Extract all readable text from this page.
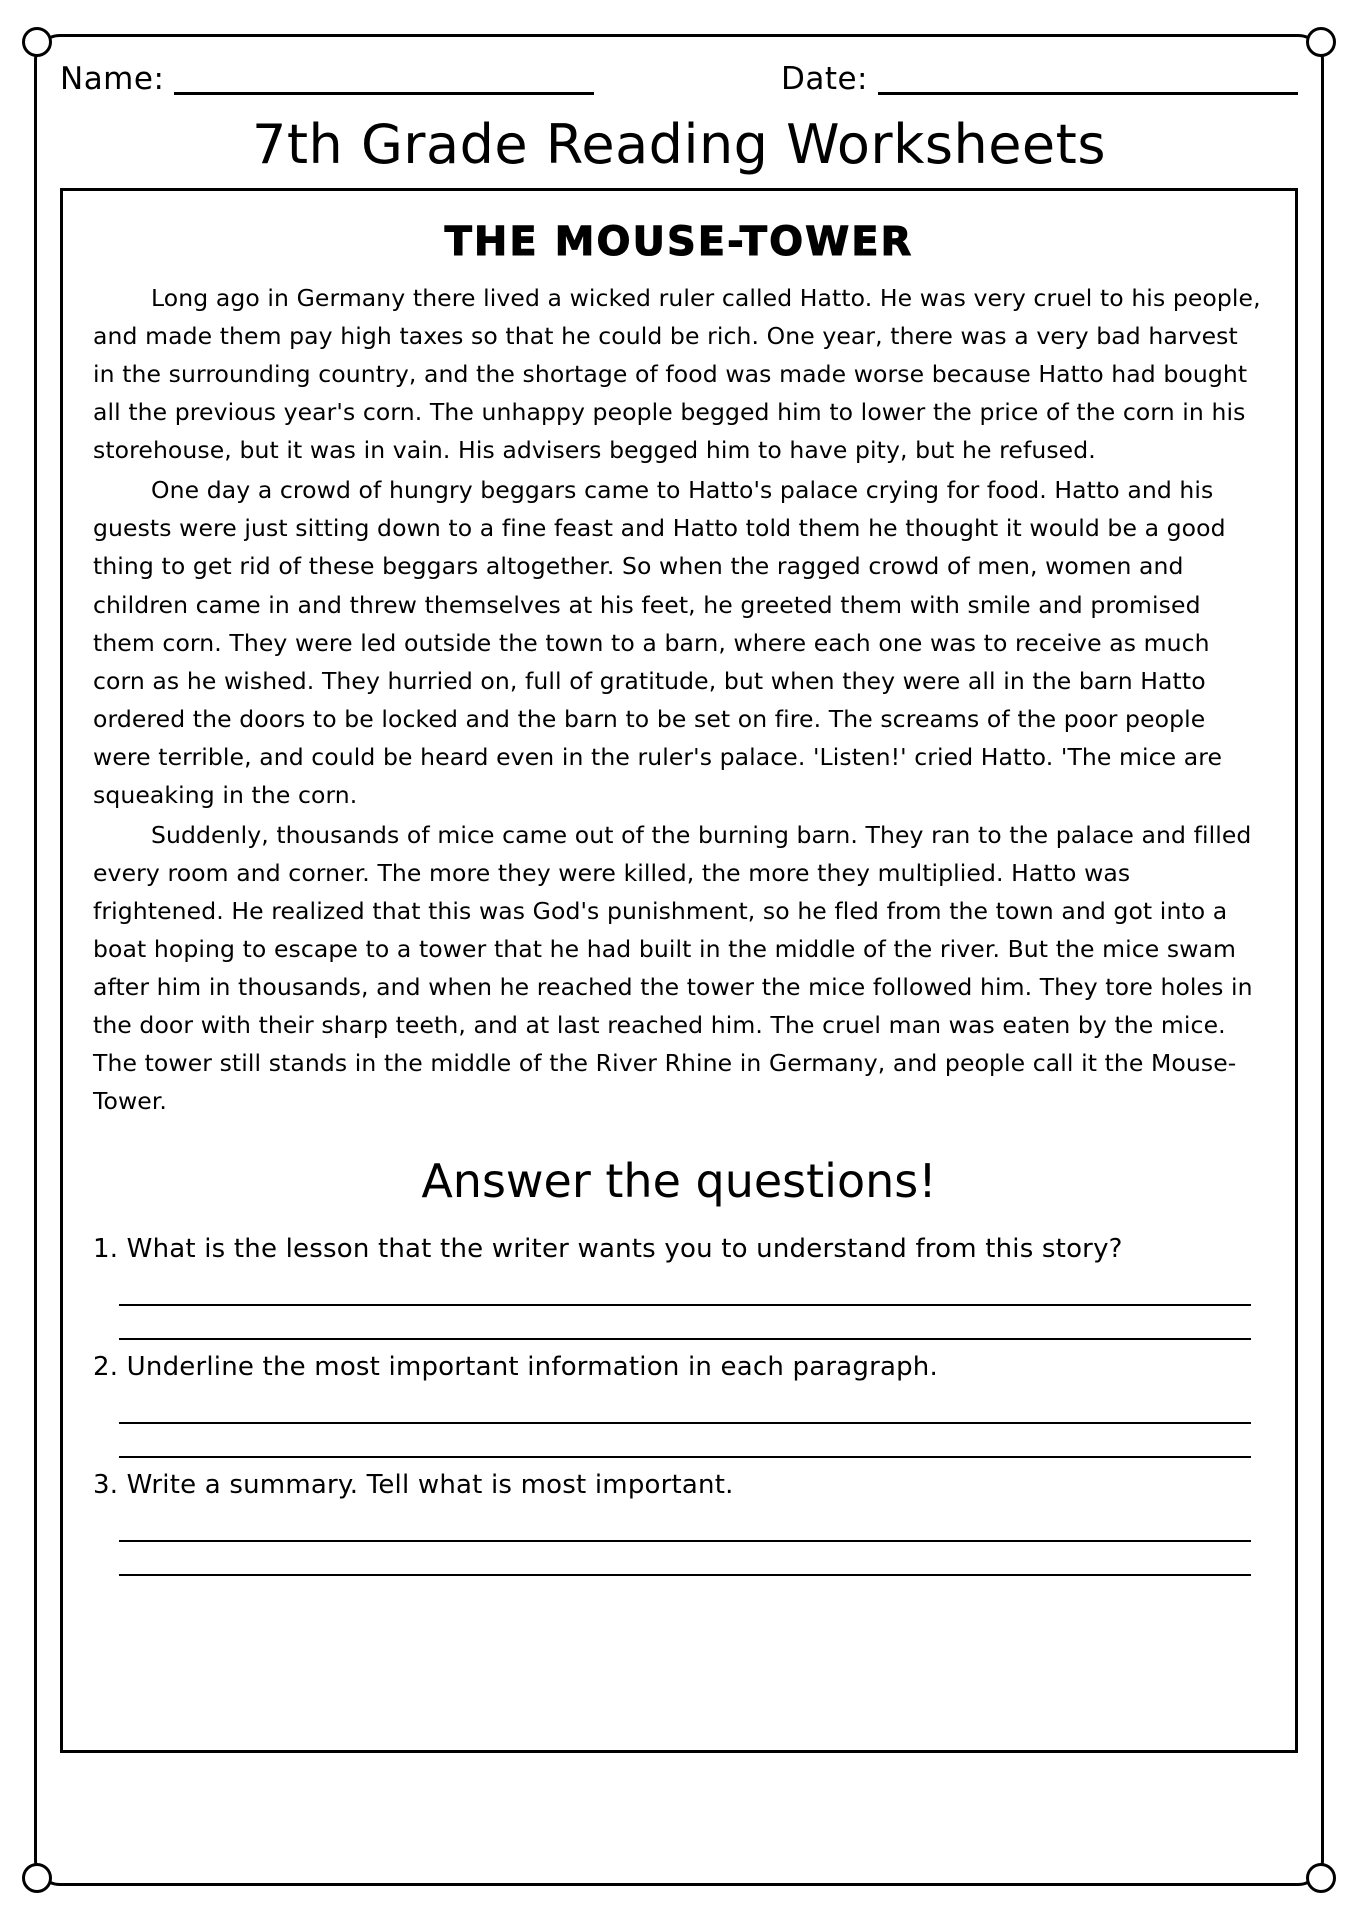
Name:	Date:
7th Grade Reading Worksheets
THE MOUSE-TOWER

Long ago in Germany there lived a wicked ruler called Hatto. He was very cruel to his people, and made them pay high taxes so that he could be rich. One year, there was a very bad harvest in the surrounding country, and the shortage of food was made worse because Hatto had bought all the previous year's corn. The unhappy people begged him to lower the price of the corn in his storehouse, but it was in vain. His advisers begged him to have pity, but he refused.

One day a crowd of hungry beggars came to Hatto's palace crying for food. Hatto and his guests were just sitting down to a fine feast and Hatto told them he thought it would be a good thing to get rid of these beggars altogether. So when the ragged crowd of men, women and children came in and threw themselves at his feet, he greeted them with smile and promised them corn. They were led outside the town to a barn, where each one was to receive as much corn as he wished. They hurried on, full of gratitude, but when they were all in the barn Hatto ordered the doors to be locked and the barn to be set on fire. The screams of the poor people were terrible, and could be heard even in the ruler's palace. 'Listen!' cried Hatto. 'The mice are squeaking in the corn.

Suddenly, thousands of mice came out of the burning barn. They ran to the palace and filled every room and corner. The more they were killed, the more they multiplied. Hatto was frightened. He realized that this was God's punishment, so he fled from the town and got into a boat hoping to escape to a tower that he had built in the middle of the river. But the mice swam after him in thousands, and when he reached the tower the mice followed him. They tore holes in the door with their sharp teeth, and at last reached him. The cruel man was eaten by the mice. The tower still stands in the middle of the River Rhine in Germany, and people call it the Mouse-Tower.

Answer the questions!
1. What is the lesson that the writer wants you to understand from this story?
2. Underline the most important information in each paragraph.
3. Write a summary. Tell what is most important.
